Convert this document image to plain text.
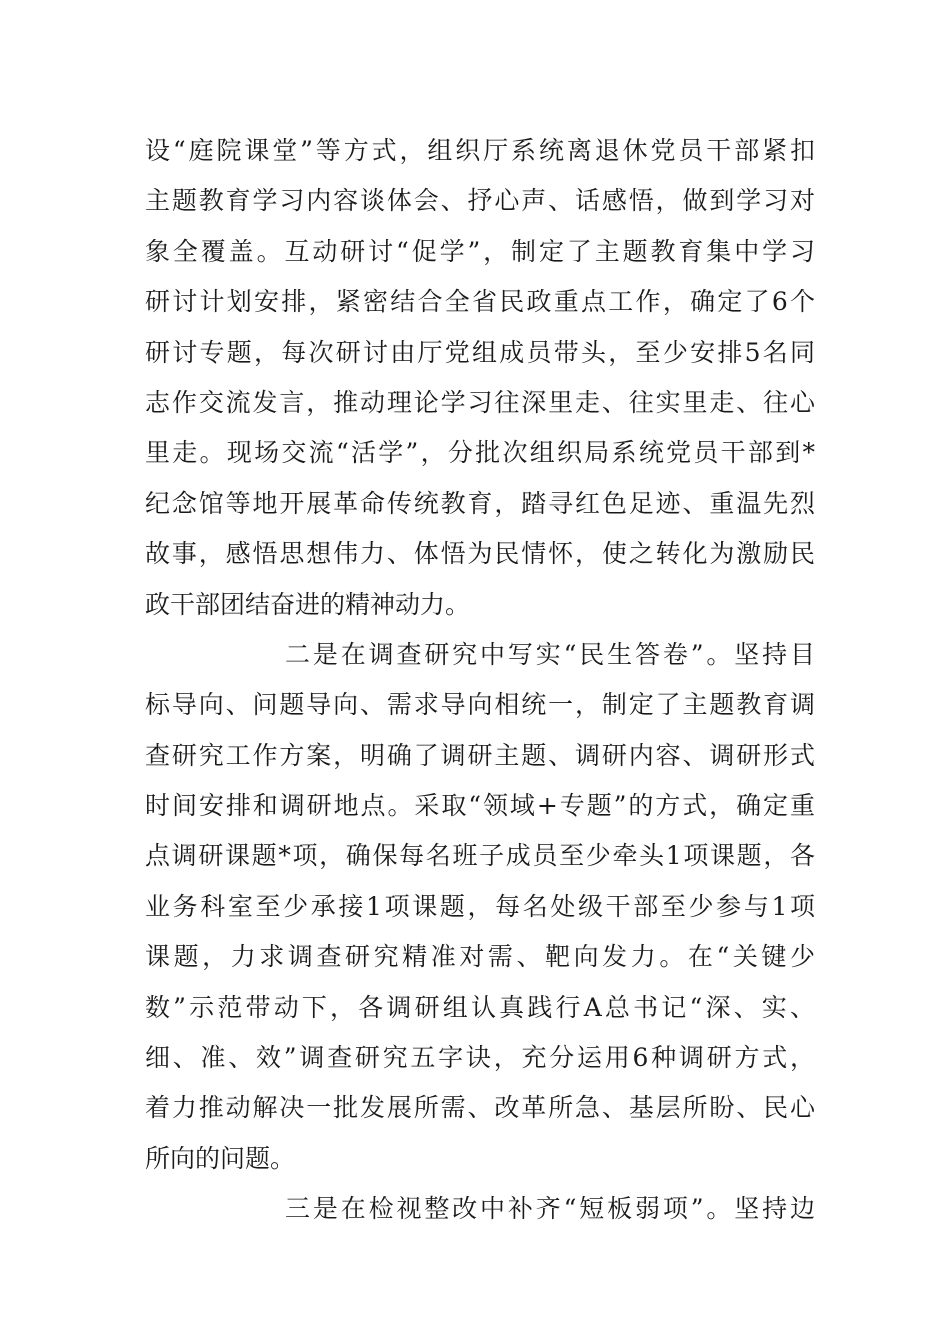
设“庭院课堂”等方式，组织厅系统离退休党员干部紧扣
主题教育学习内容谈体会、抒心声、话感悟，做到学习对
象全覆盖。互动研讨“促学”，制定了主题教育集中学习
研讨计划安排，紧密结合全省民政重点工作，确定了6个
研讨专题，每次研讨由厅党组成员带头，至少安排5名同
志作交流发言，推动理论学习往深里走、往实里走、往心
里走。现场交流“活学”，分批次组织局系统党员干部到*
纪念馆等地开展革命传统教育，踏寻红色足迹、重温先烈
故事，感悟思想伟力、体悟为民情怀，使之转化为激励民
政干部团结奋进的精神动力。
二是在调查研究中写实“民生答卷”。坚持目
标导向、问题导向、需求导向相统一，制定了主题教育调
查研究工作方案，明确了调研主题、调研内容、调研形式
时间安排和调研地点。采取“领域+专题”的方式，确定重
点调研课题*项，确保每名班子成员至少牵头1项课题，各
业务科室至少承接1项课题，每名处级干部至少参与1项
课题，力求调查研究精准对需、靶向发力。在“关键少
数”示范带动下，各调研组认真践行A总书记“深、实、
细、准、效”调查研究五字诀，充分运用6种调研方式，
着力推动解决一批发展所需、改革所急、基层所盼、民心
所向的问题。
三是在检视整改中补齐“短板弱项”。坚持边
